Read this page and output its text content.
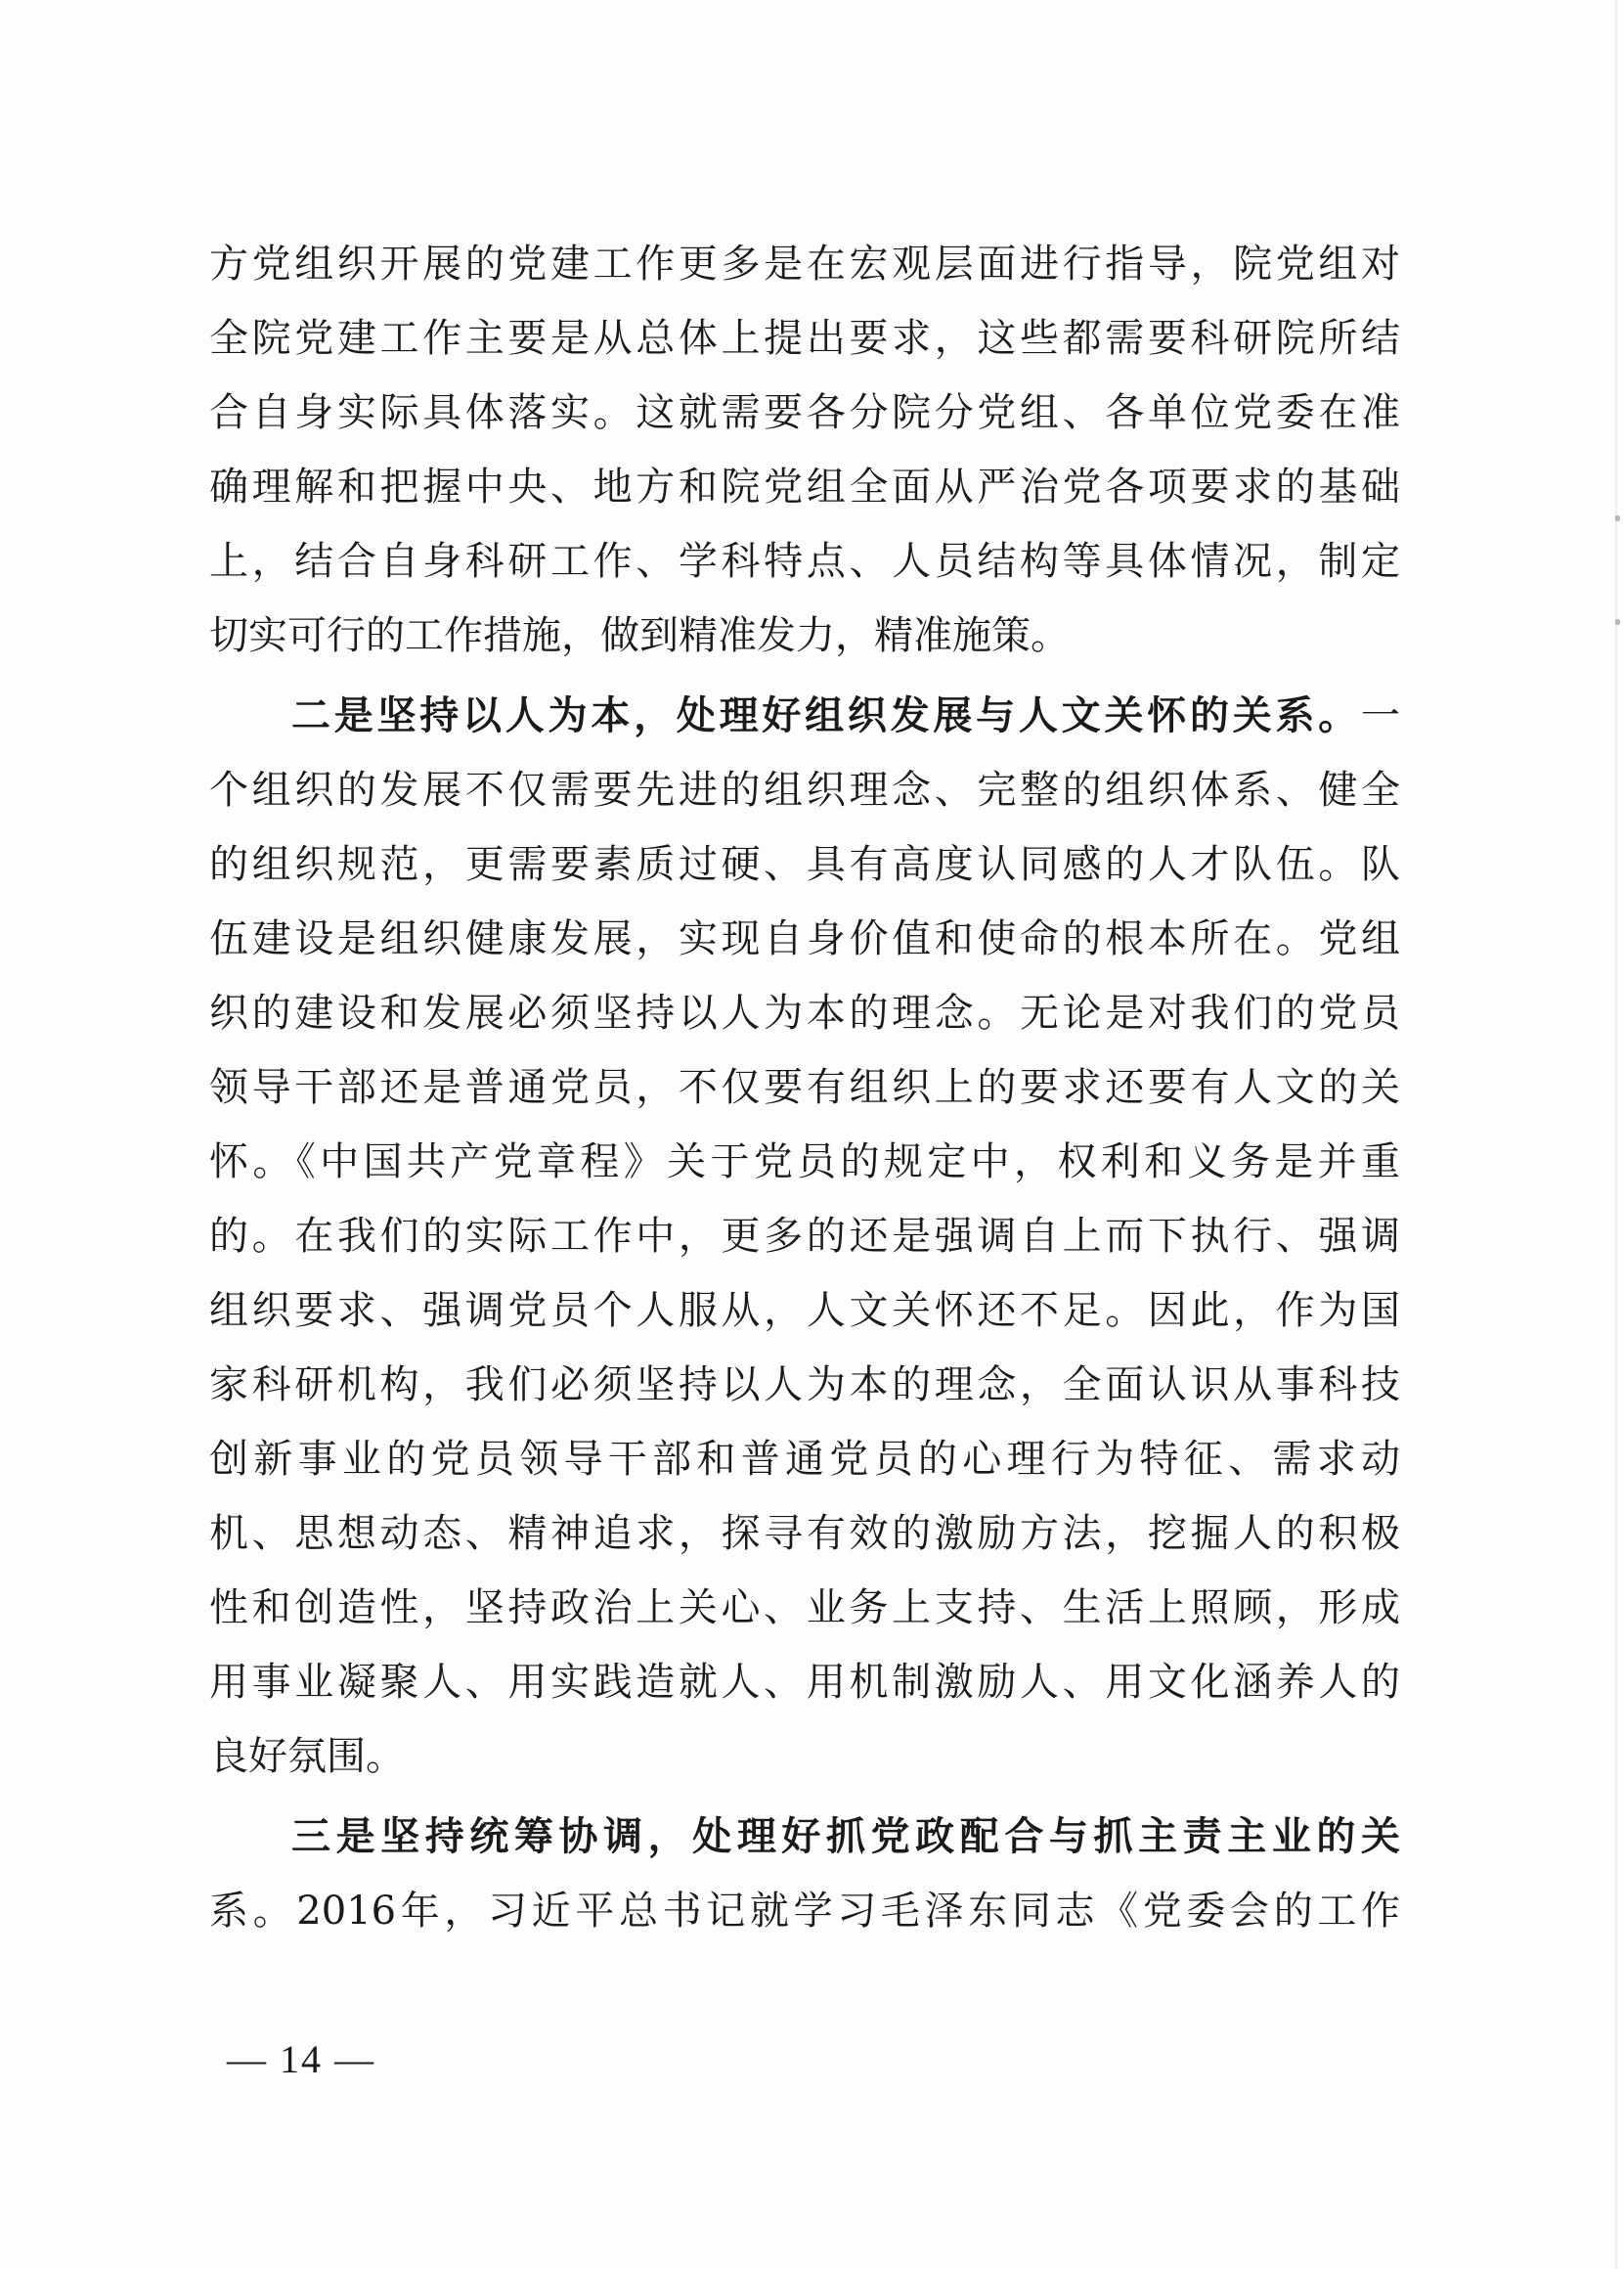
方党组织开展的党建工作更多是在宏观层面进行指导，院党组对
全院党建工作主要是从总体上提出要求，这些都需要科研院所结
合自身实际具体落实。这就需要各分院分党组、各单位党委在准
确理解和把握中央、地方和院党组全面从严治党各项要求的基础
上，结合自身科研工作、学科特点、人员结构等具体情况，制定
切实可行的工作措施，做到精准发力，精准施策。
二是坚持以人为本，处理好组织发展与人文关怀的关系。一
个组织的发展不仅需要先进的组织理念、完整的组织体系、健全
的组织规范，更需要素质过硬、具有高度认同感的人才队伍。队
伍建设是组织健康发展，实现自身价值和使命的根本所在。党组
织的建设和发展必须坚持以人为本的理念。无论是对我们的党员
领导干部还是普通党员，不仅要有组织上的要求还要有人文的关
怀。《中国共产党章程》关于党员的规定中，权利和义务是并重
的。在我们的实际工作中，更多的还是强调自上而下执行、强调
组织要求、强调党员个人服从，人文关怀还不足。因此，作为国
家科研机构，我们必须坚持以人为本的理念，全面认识从事科技
创新事业的党员领导干部和普通党员的心理行为特征、需求动
机、思想动态、精神追求，探寻有效的激励方法，挖掘人的积极
性和创造性，坚持政治上关心、业务上支持、生活上照顾，形成
用事业凝聚人、用实践造就人、用机制激励人、用文化涵养人的
良好氛围。
三是坚持统筹协调，处理好抓党政配合与抓主责主业的关
系。2016年，习近平总书记就学习毛泽东同志《党委会的工作
— 14 —
